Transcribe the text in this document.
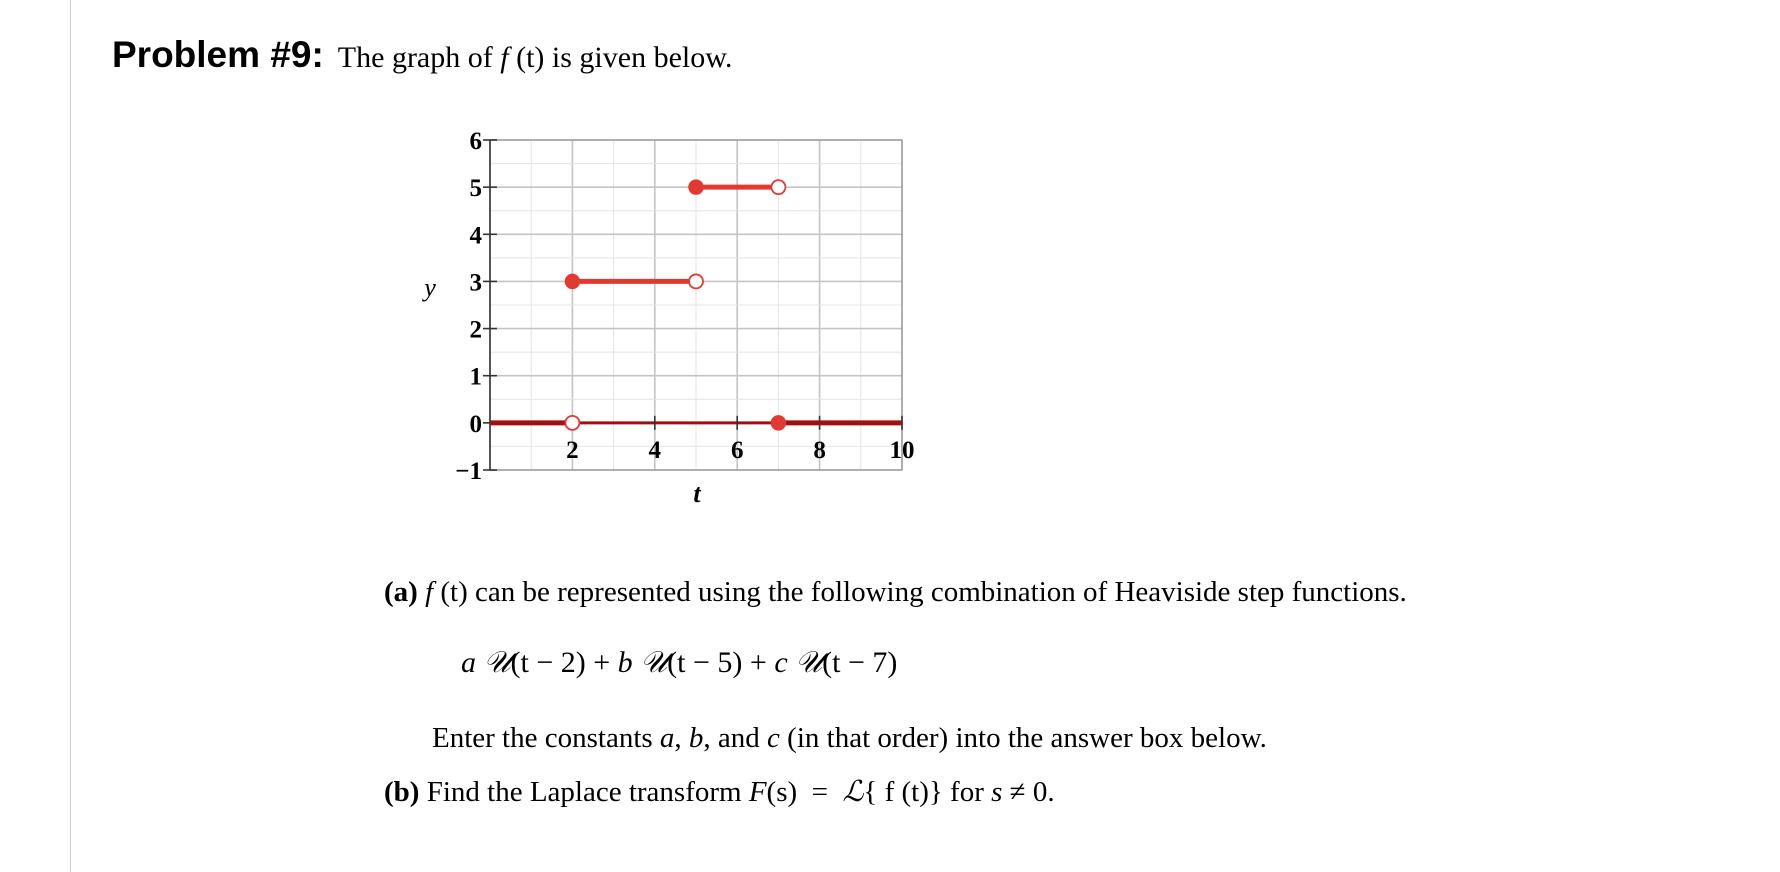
Problem #9: The graph of f (t) is given below.
−1
0
1
2
3
4
5
6
2	4	6	8	10
t
y
(a) f (t) can be represented using the following combination of Heaviside step functions.
a 𝒰(t − 2) + b 𝒰(t − 5) + c 𝒰(t − 7)
Enter the constants a, b, and c (in that order) into the answer box below.
(b) Find the Laplace transform F(s)  =  ℒ{ f (t)} for s ≠ 0.
